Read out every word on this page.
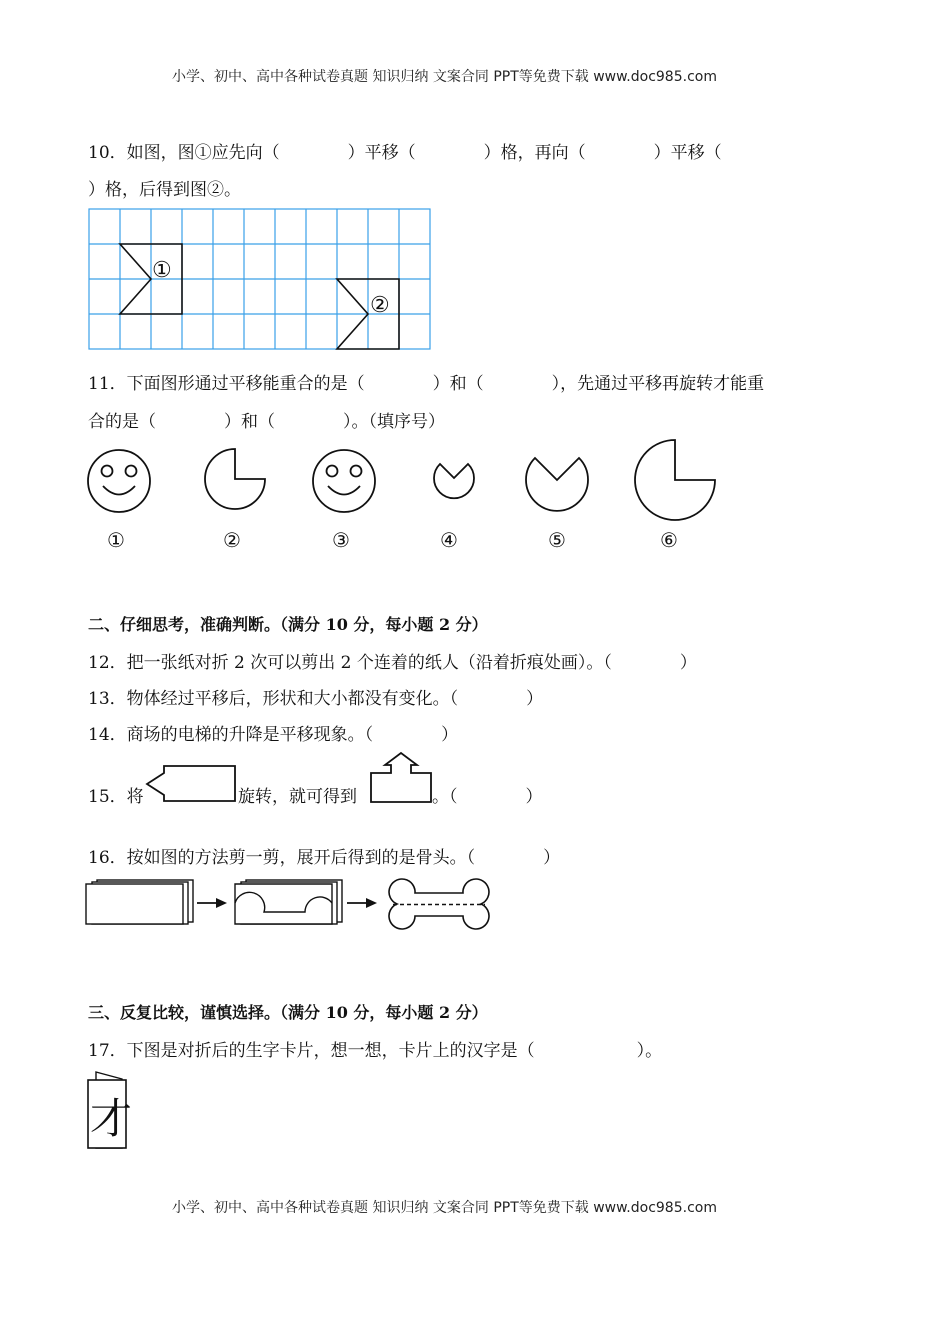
小学、初中、高中各种试卷真题 知识归纳 文案合同 PPT等免费下载 www.doc985.com
10．如图，图①应先向（　　　　）平移（　　　　）格，再向（　　　　）平移（
）格，后得到图②。
①
②
11．下面图形通过平移能重合的是（　　　　）和（　　　　），先通过平移再旋转才能重
合的是（　　　　）和（　　　　）。（填序号）
①	②	③	④	⑤	⑥
二、仔细思考，准确判断。（满分 10 分，每小题 2 分）
12．把一张纸对折 2 次可以剪出 2 个连着的纸人（沿着折痕处画）。（　　　　）
13．物体经过平移后，形状和大小都没有变化。（　　　　）
14．商场的电梯的升降是平移现象。（　　　　）
15．将	旋转，就可得到	。（　　　　）
16．按如图的方法剪一剪，展开后得到的是骨头。（　　　　）
三、反复比较，谨慎选择。（满分 10 分，每小题 2 分）
17．下图是对折后的生字卡片，想一想，卡片上的汉字是（　　　　　　）。
才
小学、初中、高中各种试卷真题 知识归纳 文案合同 PPT等免费下载 www.doc985.com
